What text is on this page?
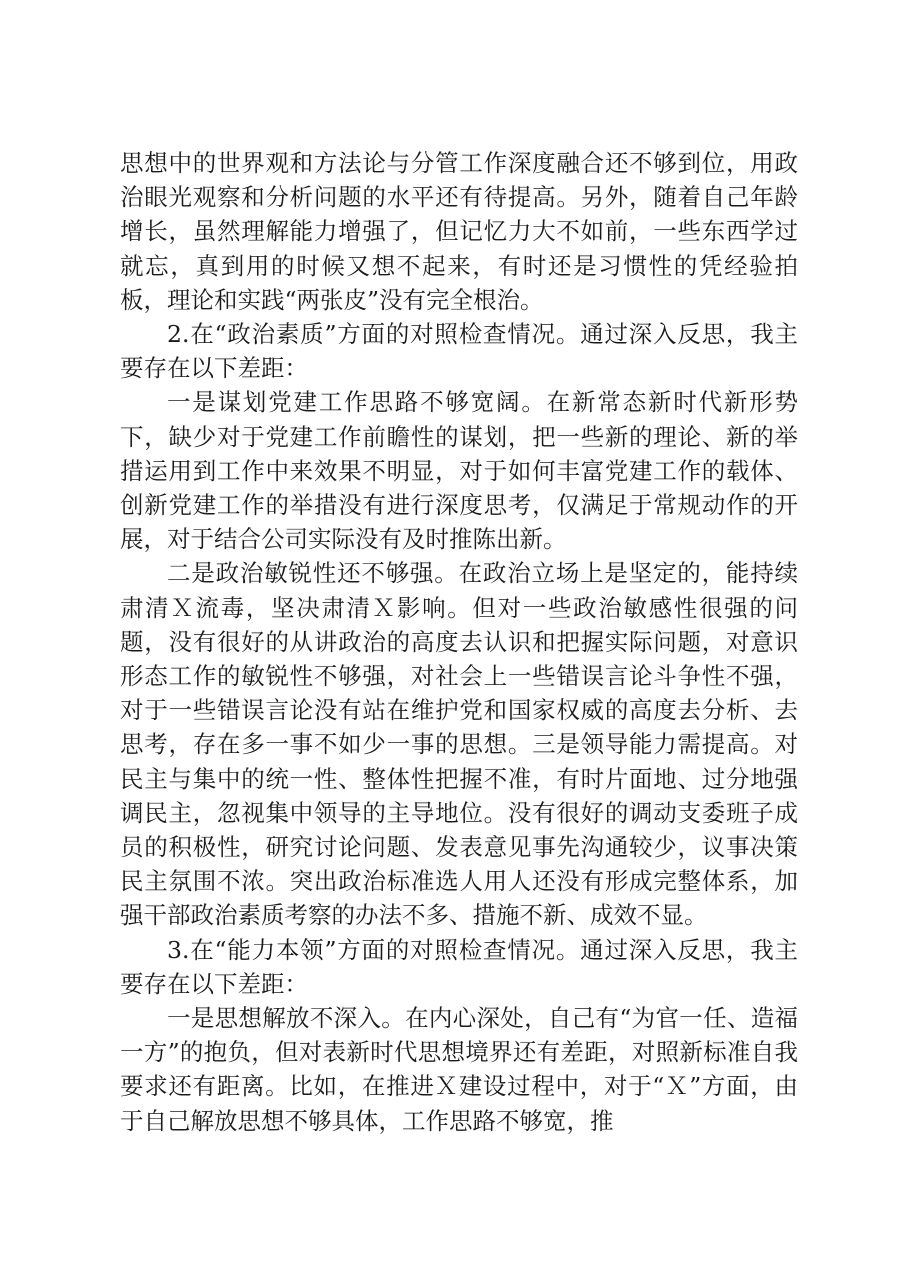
思想中的世界观和方法论与分管工作深度融合还不够到位，用政治眼光观察和分析问题的水平还有待提高。另外，随着自己年龄增长，虽然理解能力增强了，但记忆力大不如前，一些东西学过就忘，真到用的时候又想不起来，有时还是习惯性的凭经验拍板，理论和实践“两张皮”没有完全根治。

2.在“政治素质”方面的对照检查情况。通过深入反思，我主要存在以下差距：

一是谋划党建工作思路不够宽阔。在新常态新时代新形势下，缺少对于党建工作前瞻性的谋划，把一些新的理论、新的举措运用到工作中来效果不明显，对于如何丰富党建工作的载体、创新党建工作的举措没有进行深度思考，仅满足于常规动作的开展，对于结合公司实际没有及时推陈出新。

二是政治敏锐性还不够强。在政治立场上是坚定的，能持续肃清Ｘ流毒，坚决肃清Ｘ影响。但对一些政治敏感性很强的问题，没有很好的从讲政治的高度去认识和把握实际问题，对意识形态工作的敏锐性不够强，对社会上一些错误言论斗争性不强，对于一些错误言论没有站在维护党和国家权威的高度去分析、去思考，存在多一事不如少一事的思想。三是领导能力需提高。对民主与集中的统一性、整体性把握不准，有时片面地、过分地强调民主，忽视集中领导的主导地位。没有很好的调动支委班子成员的积极性，研究讨论问题、发表意见事先沟通较少，议事决策民主氛围不浓。突出政治标准选人用人还没有形成完整体系，加强干部政治素质考察的办法不多、措施不新、成效不显。

3.在“能力本领”方面的对照检查情况。通过深入反思，我主要存在以下差距：

一是思想解放不深入。在内心深处，自己有“为官一任、造福一方”的抱负，但对表新时代思想境界还有差距，对照新标准自我要求还有距离。比如，在推进Ｘ建设过程中，对于“Ｘ”方面，由于自己解放思想不够具体，工作思路不够宽，推
